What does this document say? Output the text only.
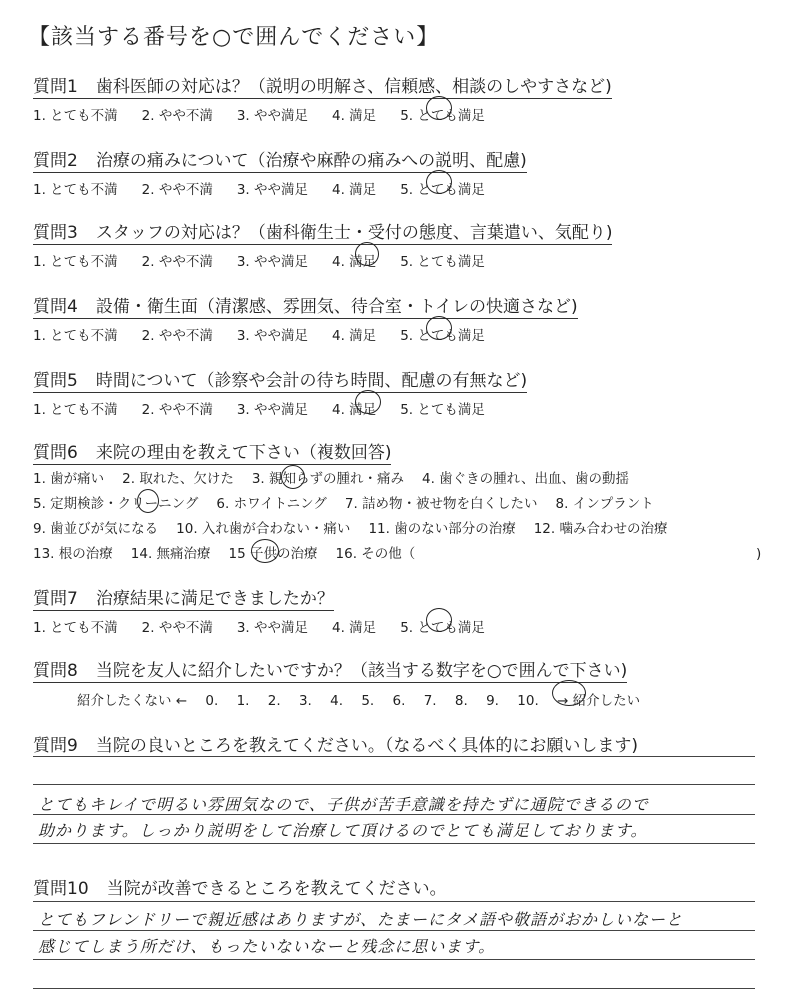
【該当する番号を○で囲んでください】
質問1 歯科医師の対応は？（説明の明解さ、信頼感、相談のしやすさなど)
1. とても不満 2. やや不満 3. やや満足 4. 満足 5. とても満足
質問2 治療の痛みについて（治療や麻酔の痛みへの説明、配慮)
1. とても不満 2. やや不満 3. やや満足 4. 満足 5. とても満足
質問3 スタッフの対応は？（歯科衛生士・受付の態度、言葉遣い、気配り)
1. とても不満 2. やや不満 3. やや満足 4. 満足 5. とても満足
質問4 設備・衛生面（清潔感、雰囲気、待合室・トイレの快適さなど)
1. とても不満 2. やや不満 3. やや満足 4. 満足 5. とても満足
質問5 時間について（診察や会計の待ち時間、配慮の有無など)
1. とても不満 2. やや不満 3. やや満足 4. 満足 5. とても満足
質問6 来院の理由を教えて下さい（複数回答)
1. 歯が痛い 2. 取れた、欠けた 3. 親知らずの腫れ・痛み 4. 歯ぐきの腫れ、出血、歯の動揺
5. 定期検診・クリーニング 6. ホワイトニング 7. 詰め物・被せ物を白くしたい 8. インプラント
9. 歯並びが気になる 10. 入れ歯が合わない・痛い 11. 歯のない部分の治療 12. 噛み合わせの治療
13. 根の治療 14. 無痛治療 15 子供の治療 16. その他（	)
質問7 治療結果に満足できましたか？
1. とても不満 2. やや不満 3. やや満足 4. 満足 5. とても満足
質問8 当院を友人に紹介したいですか？（該当する数字を○で囲んで下さい)
紹介したくない ← 0. 1. 2. 3. 4. 5. 6. 7. 8. 9. 10. → 紹介したい
質問9 当院の良いところを教えてください。（なるべく具体的にお願いします)
とてもキレイで明るい雰囲気なので、子供が苦手意識を持たずに通院できるので
助かります。しっかり説明をして治療して頂けるのでとても満足しております。
質問10 当院が改善できるところを教えてください。
とてもフレンドリーで親近感はありますが、たまーにタメ語や敬語がおかしいなーと
感じてしまう所だけ、もったいないなーと残念に思います。
